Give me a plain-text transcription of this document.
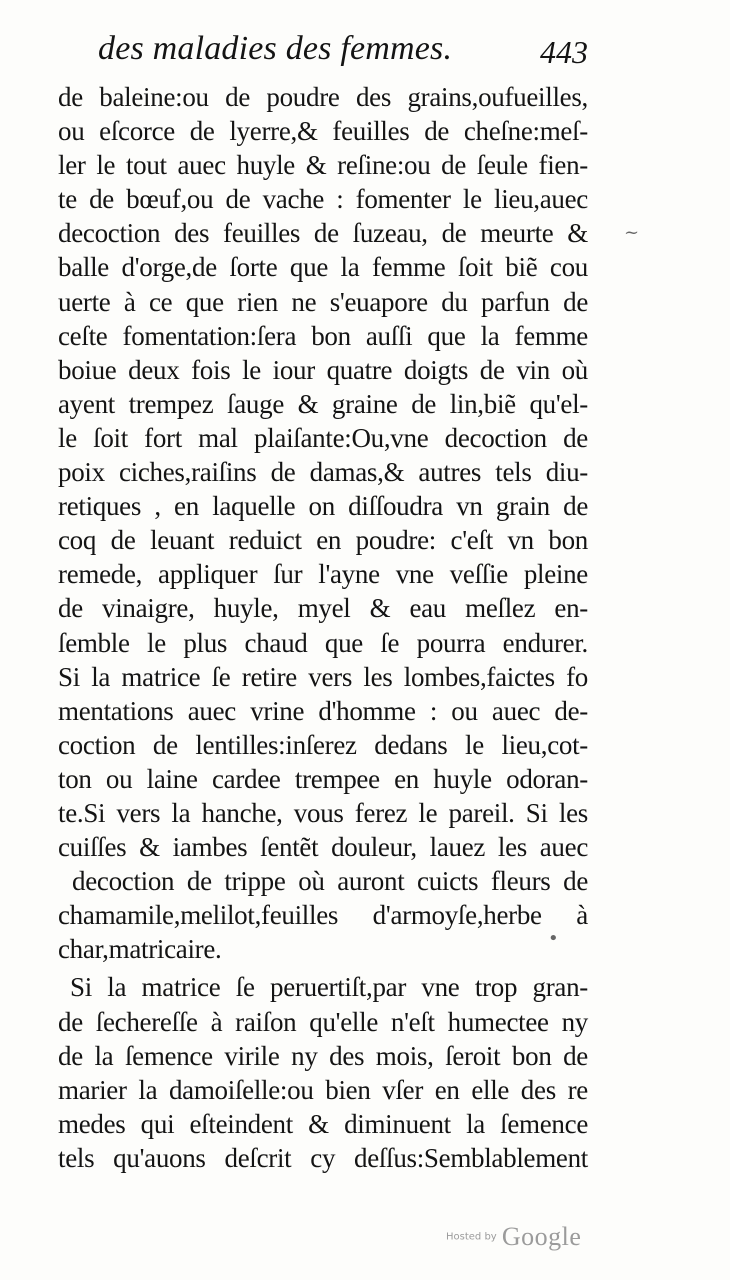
des maladies des femmes.	443
de baleine:ou de poudre des grains,oufueilles,
ou eſcorce de lyerre,& feuilles de cheſne:meſ-
ler le tout auec huyle & reſine:ou de ſeule fien-
te de bœuf,ou de vache : fomenter le lieu,auec
decoction des feuilles de ſuzeau, de meurte &
balle d'orge,de ſorte que la femme ſoit biẽ cou
uerte à ce que rien ne s'euapore du parfun de
ceſte fomentation:ſera bon auſſi que la femme
boiue deux fois le iour quatre doigts de vin où
ayent trempez ſauge & graine de lin,biẽ qu'el-
le ſoit fort mal plaiſante:Ou,vne decoction de
poix ciches,raiſins de damas,& autres tels diu-
retiques , en laquelle on diſſoudra vn grain de
coq de leuant reduict en poudre: c'eſt vn bon
remede, appliquer ſur l'ayne vne veſſie pleine
de vinaigre, huyle, myel & eau meſlez en-
ſemble le plus chaud que ſe pourra endurer.
Si la matrice ſe retire vers les lombes,faictes fo
mentations auec vrine d'homme : ou auec de-
coction de lentilles:inſerez dedans le lieu,cot-
ton ou laine cardee trempee en huyle odoran-
te.Si vers la hanche, vous ferez le pareil. Si les
cuiſſes & iambes ſentẽt douleur, lauez les auec
decoction de trippe où auront cuicts fleurs de
chamamile,melilot,feuilles d'armoyſe,herbe à
char,matricaire.
Si la matrice ſe peruertiſt,par vne trop gran-
de ſechereſſe à raiſon qu'elle n'eſt humectee ny
de la ſemence virile ny des mois, ſeroit bon de
marier la damoiſelle:ou bien vſer en elle des re
medes qui eſteindent & diminuent la ſemence
tels qu'auons deſcrit cy deſſus:Semblablement
~
•
Hosted by Google
